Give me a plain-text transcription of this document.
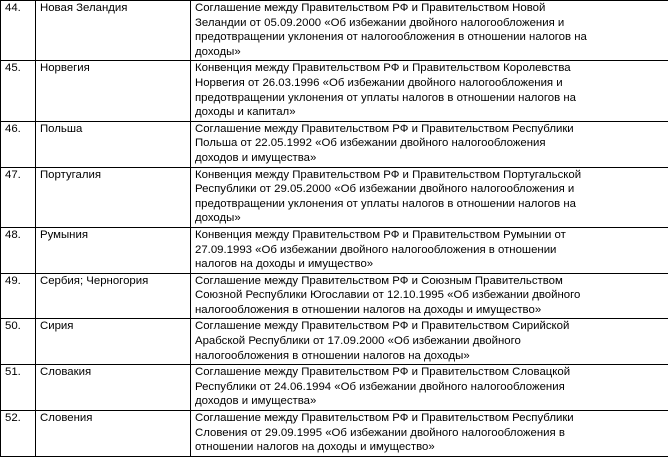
44.	Новая Зеландия	Соглашение между Правительством РФ и Правительством Новой
Зеландии от 05.09.2000 «Об избежании двойного налогообложения и
предотвращении уклонения от налогообложения в отношении налогов на
доходы»

45.	Норвегия	Конвенция между Правительством РФ и Правительством Королевства
Норвегия от 26.03.1996 «Об избежании двойного налогообложения и
предотвращении уклонения от уплаты налогов в отношении налогов на
доходы и капитал»

46.	Польша	Соглашение между Правительством РФ и Правительством Республики
Польша от 22.05.1992 «Об избежании двойного налогообложения
доходов и имущества»

47.	Португалия	Конвенция между Правительством РФ и Правительством Португальской
Республики от 29.05.2000 «Об избежании двойного налогообложения и
предотвращении уклонения от уплаты налогов в отношении налогов на
доходы»

48.	Румыния	Конвенция между Правительством РФ и Правительством Румынии от
27.09.1993 «Об избежании двойного налогообложения в отношении
налогов на доходы и имущество»

49.	Сербия; Черногория	Соглашение между Правительством РФ и Союзным Правительством
Союзной Республики Югославии от 12.10.1995 «Об избежании двойного
налогообложения в отношении налогов на доходы и имущество»

50.	Сирия	Соглашение между Правительством РФ и Правительством Сирийской
Арабской Республики от 17.09.2000 «Об избежании двойного
налогообложения в отношении налогов на доходы»

51.	Словакия	Соглашение между Правительством РФ и Правительством Словацкой
Республики от 24.06.1994 «Об избежании двойного налогообложения
доходов и имущества»

52.	Словения	Соглашение между Правительством РФ и Правительством Республики
Словения от 29.09.1995 «Об избежании двойного налогообложения в
отношении налогов на доходы и имущество»
